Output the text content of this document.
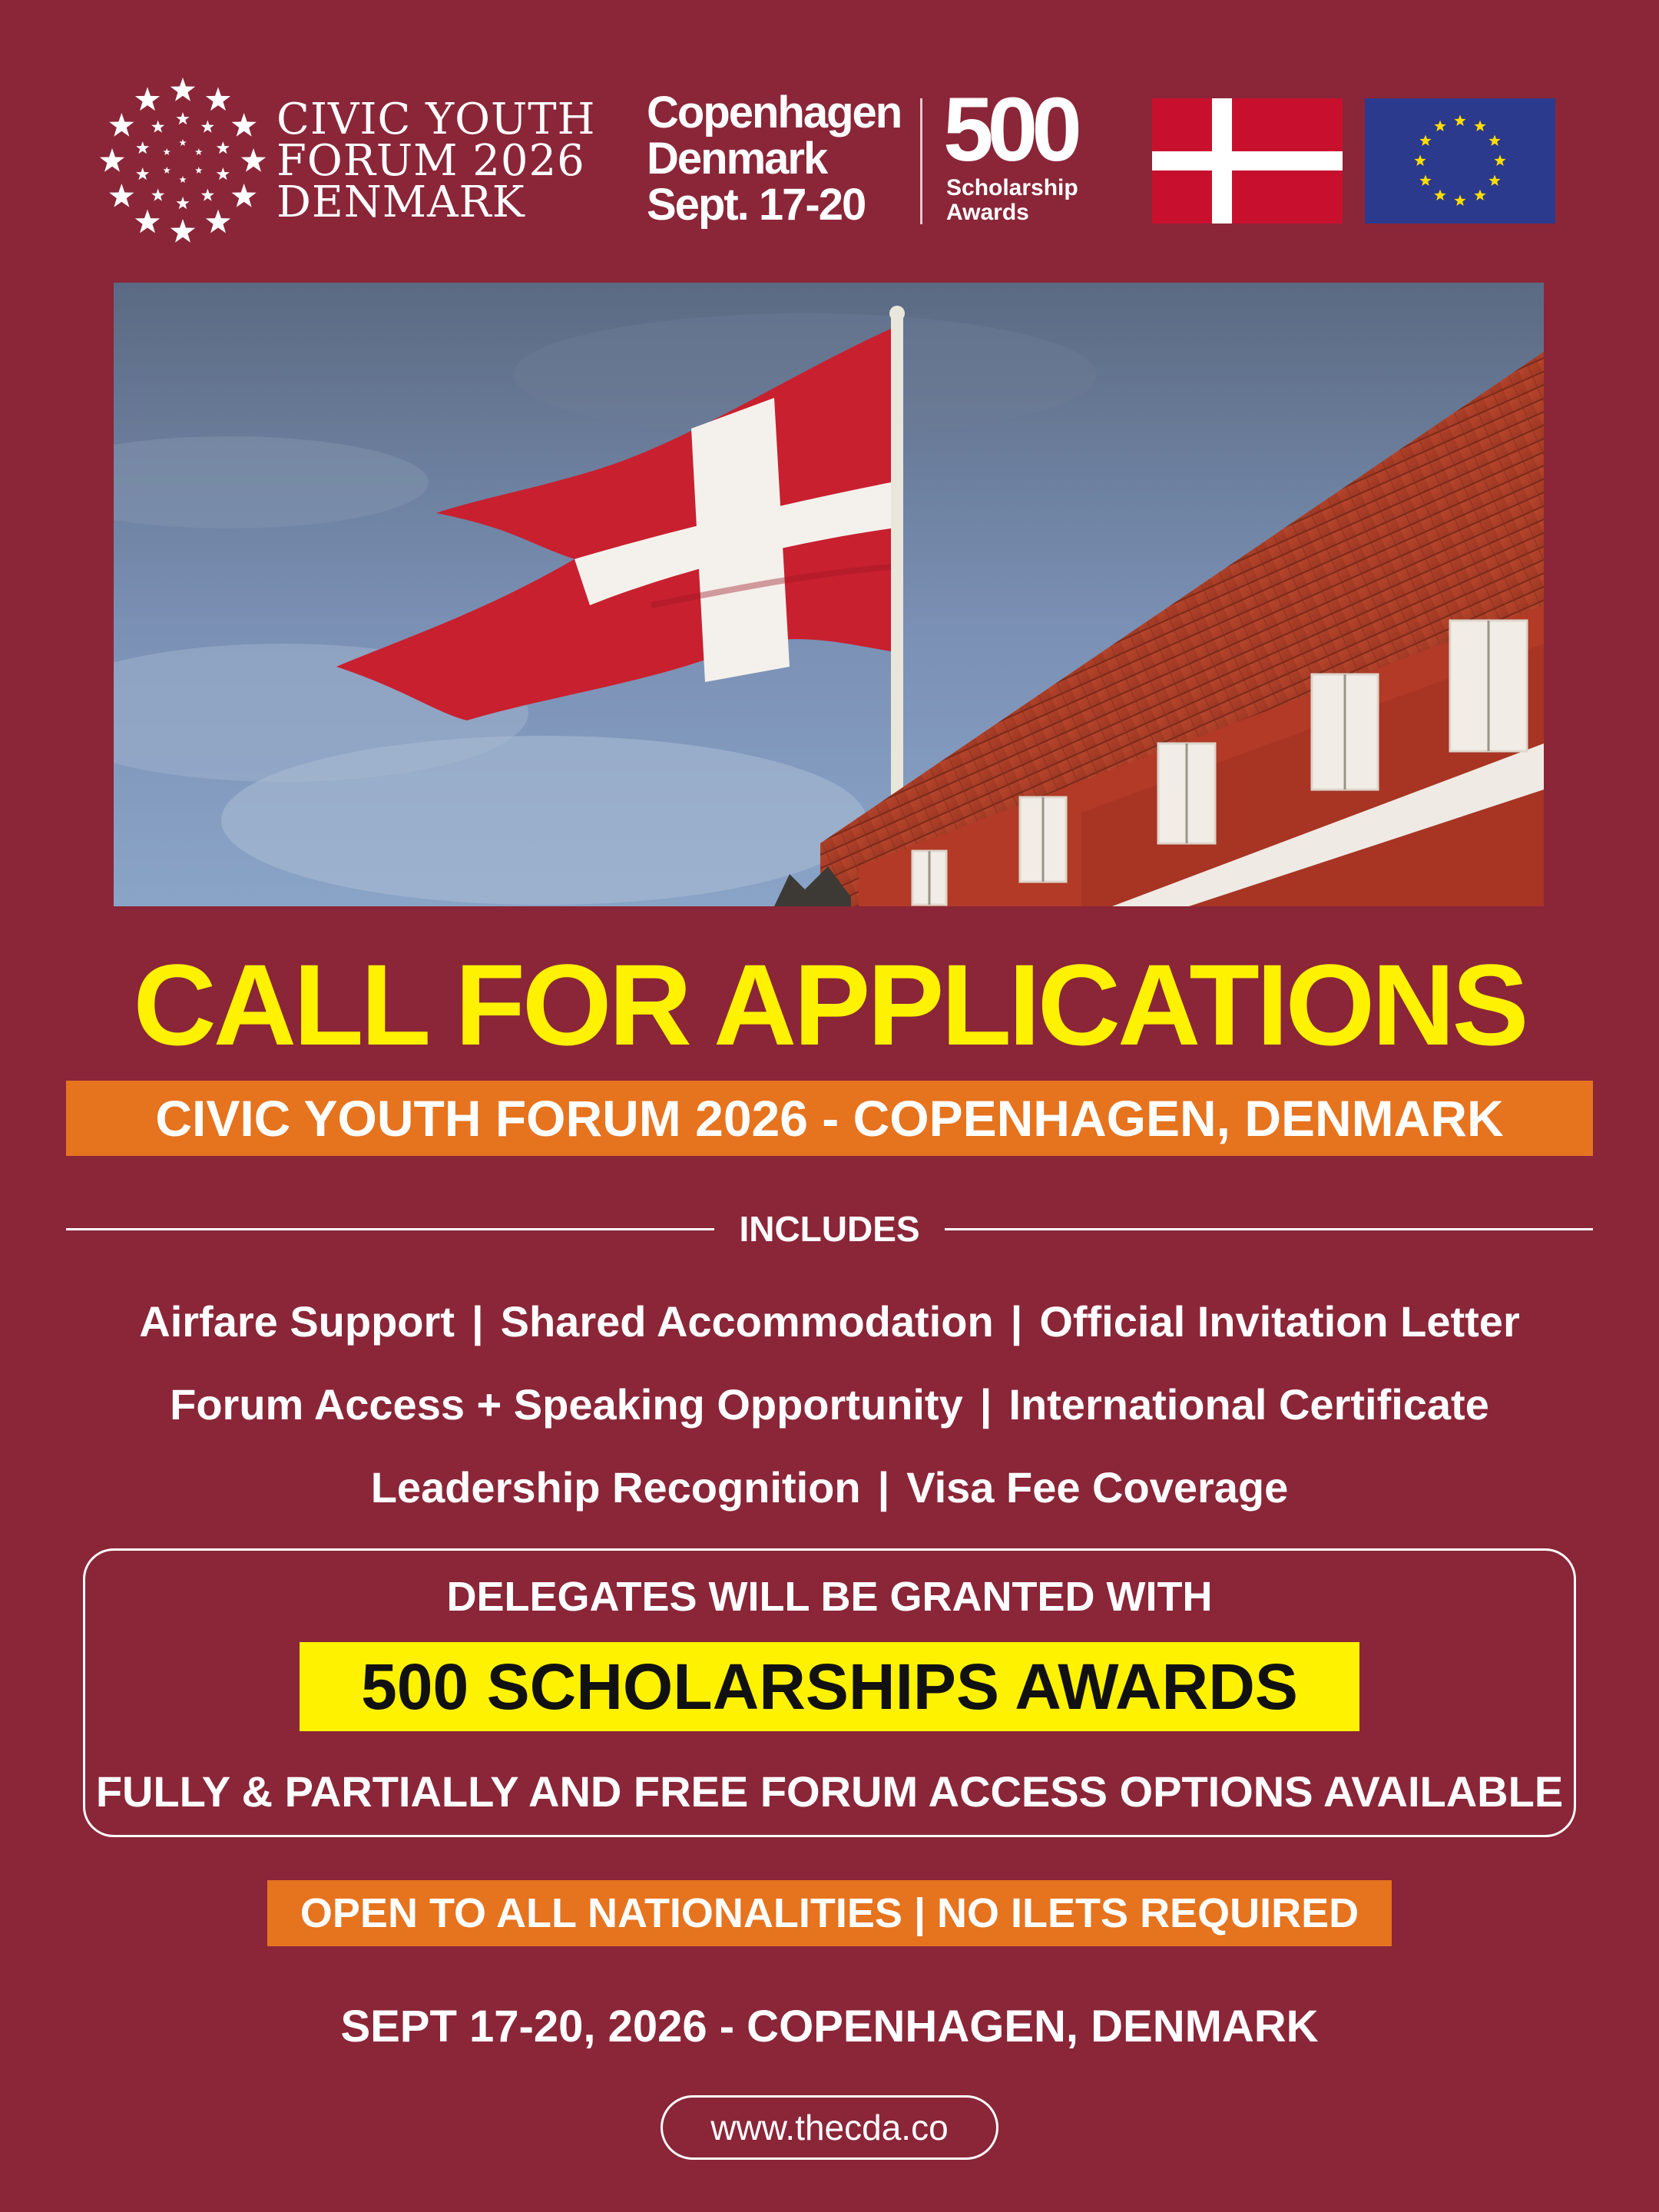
CIVIC YOUTH
FORUM 2026
DENMARK
Copenhagen
Denmark
Sept. 17-20
500
Scholarship
Awards
CALL FOR APPLICATIONS
CIVIC YOUTH FORUM 2026 - COPENHAGEN, DENMARK
INCLUDES
Airfare Support | Shared Accommodation | Official Invitation Letter
Forum Access + Speaking Opportunity | International Certificate
Leadership Recognition | Visa Fee Coverage
DELEGATES WILL BE GRANTED WITH
500 SCHOLARSHIPS AWARDS
FULLY & PARTIALLY AND FREE FORUM ACCESS OPTIONS AVAILABLE
OPEN TO ALL NATIONALITIES | NO ILETS REQUIRED
SEPT 17-20, 2026 - COPENHAGEN, DENMARK
www.thecda.co
